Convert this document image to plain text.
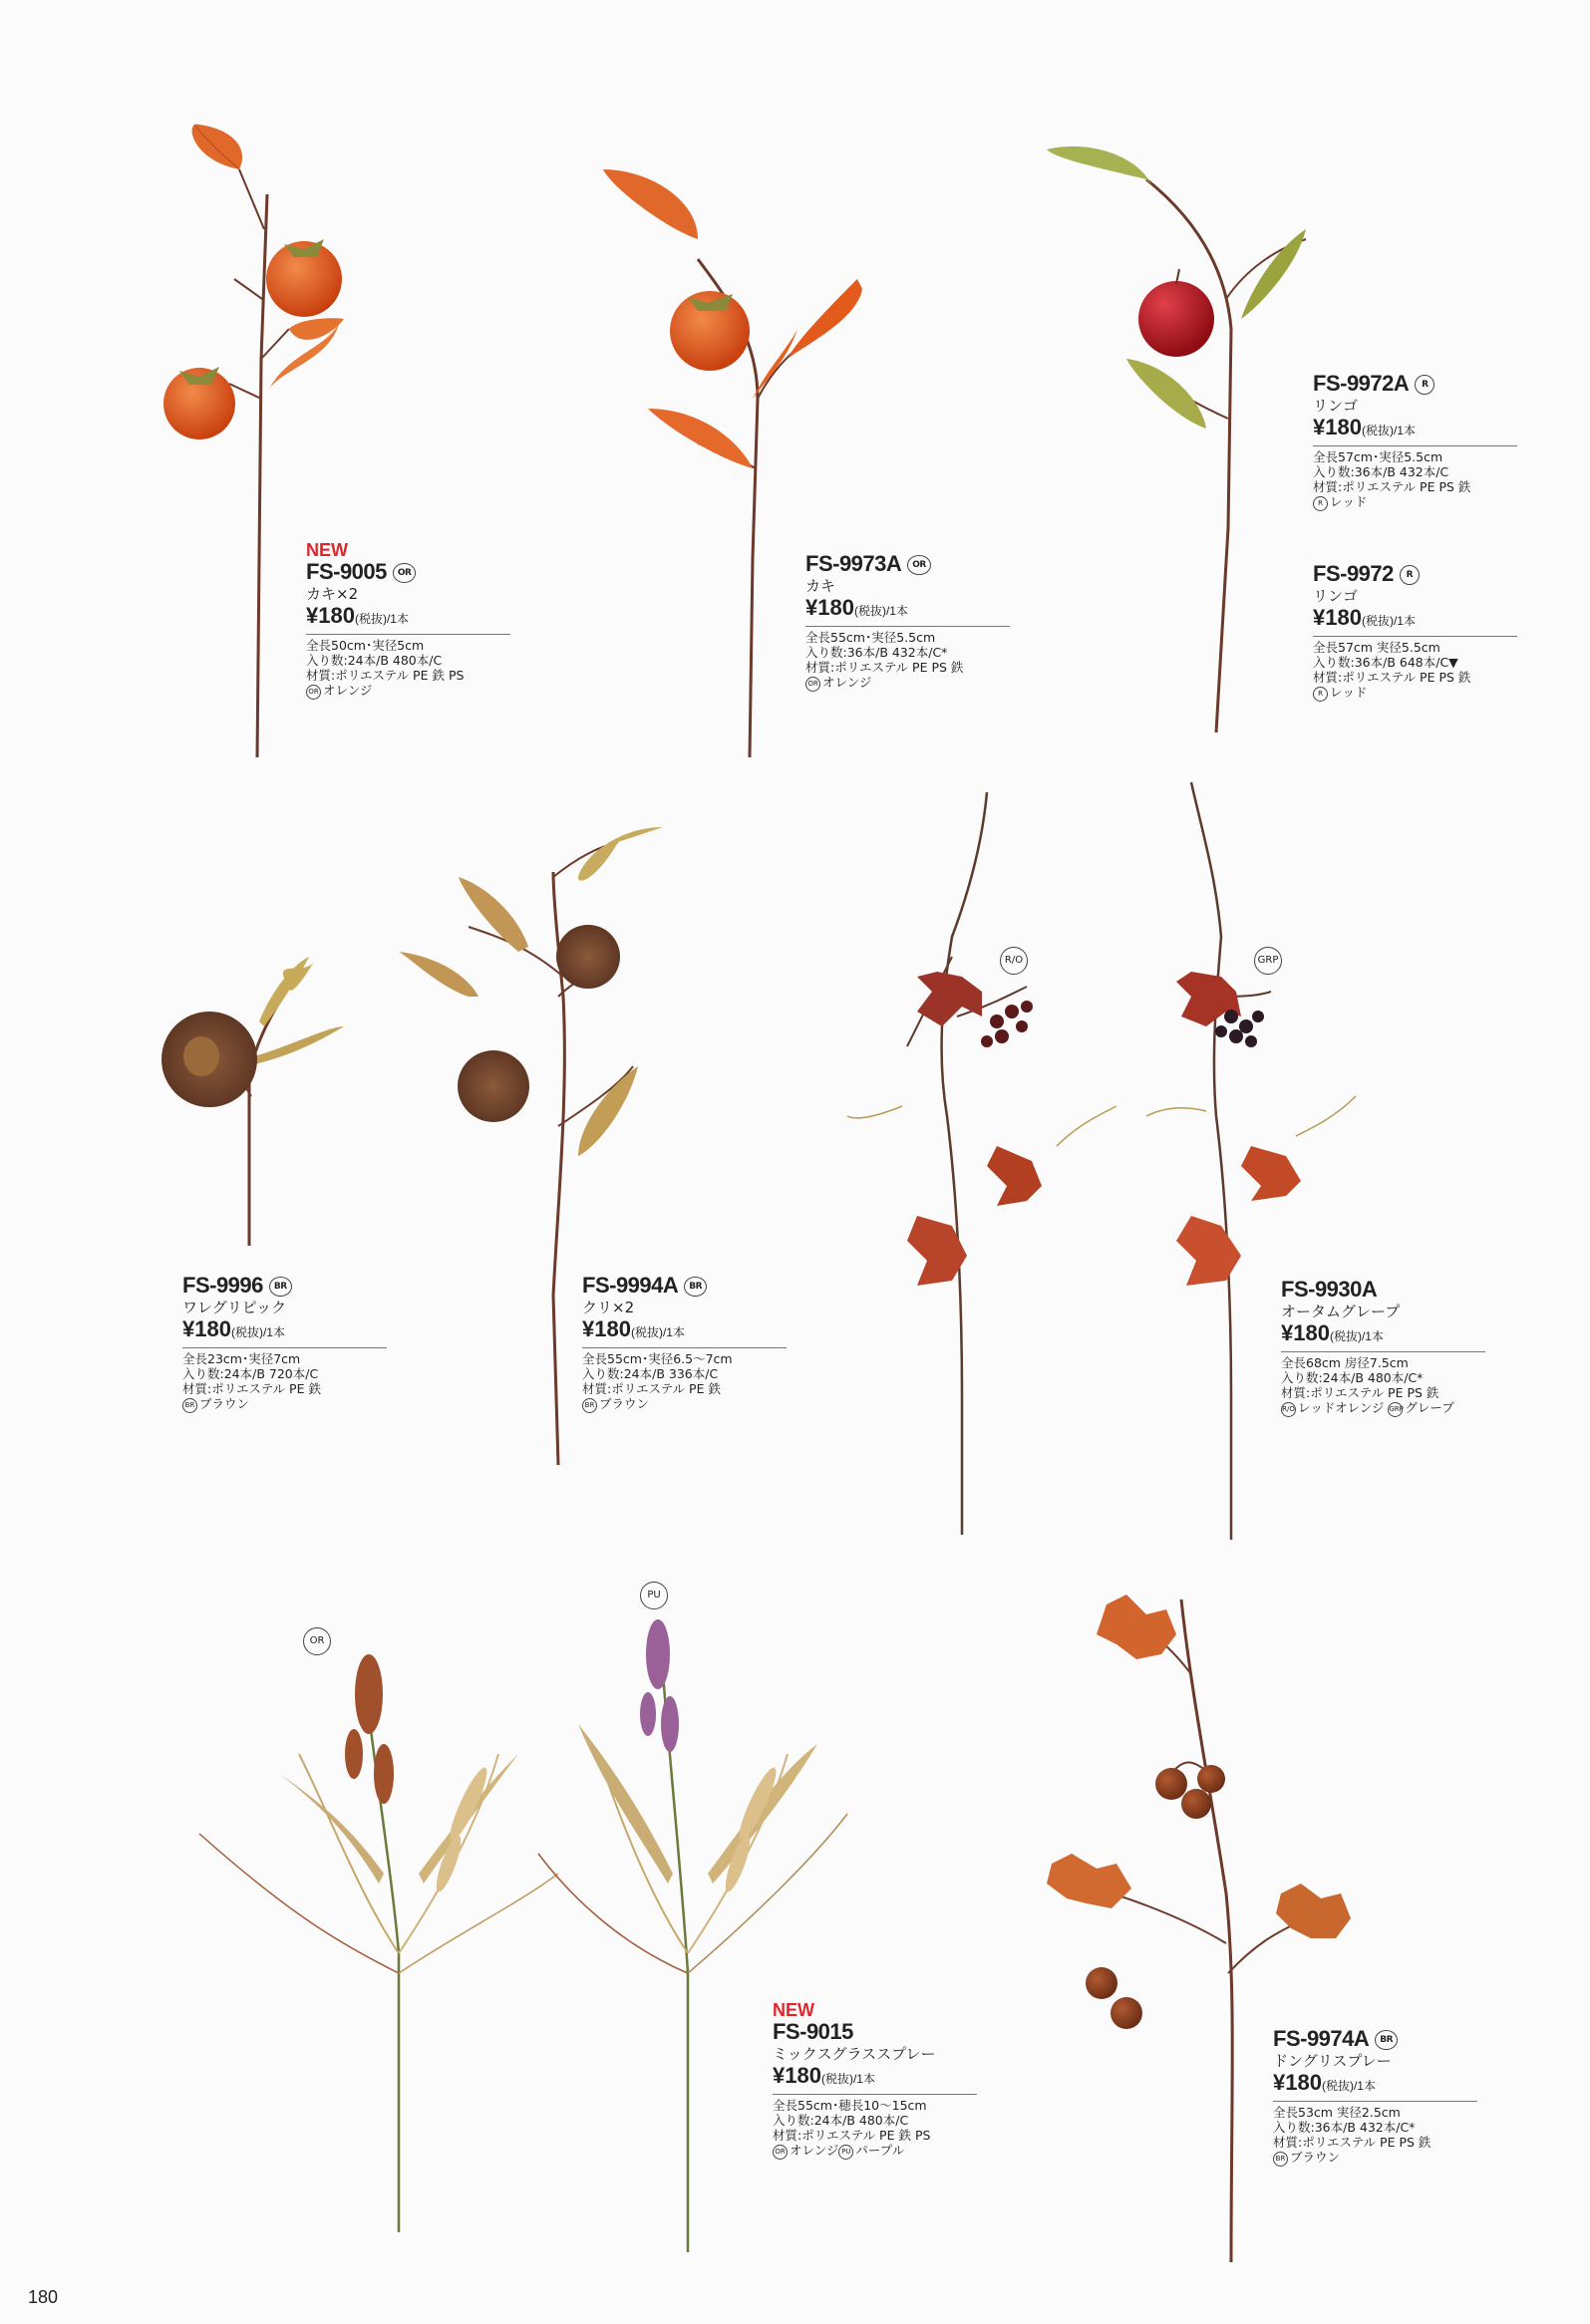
R/O	GRP
OR
PU
NEW
FS-9005 OR
カキ×2
¥180(税抜)/1本
全長50cm･実径5cm
入り数:24本/B 480本/C
材質:ポリエステル PE 鉄 PS
OR オレンジ
FS-9973A OR
カキ
¥180(税抜)/1本
全長55cm･実径5.5cm
入り数:36本/B 432本/C*
材質:ポリエステル PE PS 鉄
OR オレンジ
FS-9972A R
リンゴ
¥180(税抜)/1本
全長57cm･実径5.5cm
入り数:36本/B 432本/C
材質:ポリエステル PE PS 鉄
R レッド
FS-9972 R
リンゴ
¥180(税抜)/1本
全長57cm 実径5.5cm
入り数:36本/B 648本/C▼
材質:ポリエステル PE PS 鉄
R レッド
FS-9996 BR
ワレグリピック
¥180(税抜)/1本
全長23cm･実径7cm
入り数:24本/B 720本/C
材質:ポリエステル PE 鉄
BR ブラウン
FS-9994A BR
クリ×2
¥180(税抜)/1本
全長55cm･実径6.5〜7cm
入り数:24本/B 336本/C
材質:ポリエステル PE 鉄
BR ブラウン
FS-9930A
オータムグレープ
¥180(税抜)/1本
全長68cm 房径7.5cm
入り数:24本/B 480本/C*
材質:ポリエステル PE PS 鉄
R/O レッドオレンジ GRPグレープ
NEW
FS-9015
ミックスグラススプレー
¥180(税抜)/1本
全長55cm･穂長10〜15cm
入り数:24本/B 480本/C
材質:ポリエステル PE 鉄 PS
OR オレンジ PU パープル
FS-9974A BR
ドングリスプレー
¥180(税抜)/1本
全長53cm 実径2.5cm
入り数:36本/B 432本/C*
材質:ポリエステル PE PS 鉄
BR ブラウン
180
